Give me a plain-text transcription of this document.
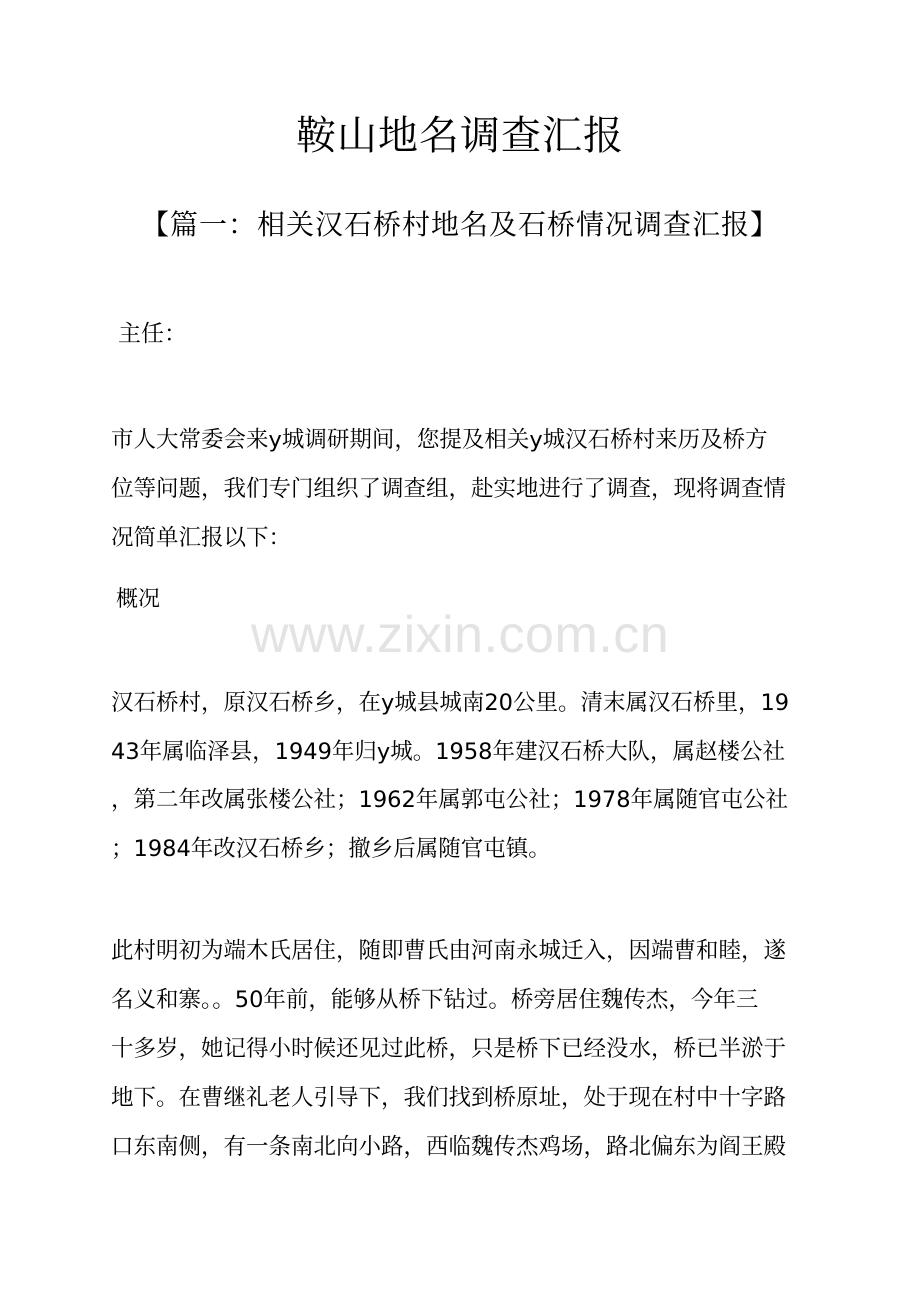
鞍山地名调查汇报
【篇一：相关汉石桥村地名及石桥情况调查汇报】
主任：
市人大常委会来y城调研期间，您提及相关y城汉石桥村来历及桥方
位等问题，我们专门组织了调查组，赴实地进行了调查，现将调查情
况简单汇报以下：
概况
www.zixin.com.cn
汉石桥村，原汉石桥乡，在y城县城南20公里。清末属汉石桥里，19
43年属临泽县，1949年归y城。1958年建汉石桥大队，属赵楼公社
，第二年改属张楼公社；1962年属郭屯公社；1978年属随官屯公社
；1984年改汉石桥乡；撤乡后属随官屯镇。
此村明初为端木氏居住，随即曹氏由河南永城迁入，因端曹和睦，遂
名义和寨。。50年前，能够从桥下钻过。桥旁居住魏传杰，今年三
十多岁，她记得小时候还见过此桥，只是桥下已经没水，桥已半淤于
地下。在曹继礼老人引导下，我们找到桥原址，处于现在村中十字路
口东南侧，有一条南北向小路，西临魏传杰鸡场，路北偏东为阎王殿
